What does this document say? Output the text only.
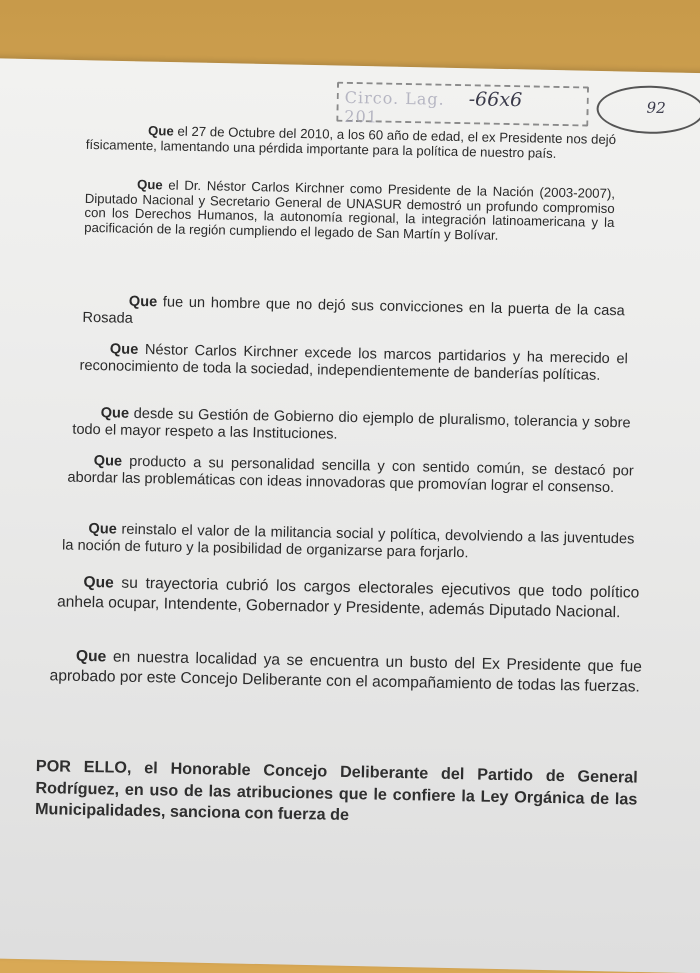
Circo. Lag. 201
-66x6	92

Que el 27 de Octubre del 2010, a los 60 año de edad, el ex Presidente nos dejó físicamente, lamentando una pérdida importante para la política de nuestro país.

Que el Dr. Néstor Carlos Kirchner como Presidente de la Nación (2003-2007), Diputado Nacional y Secretario General de UNASUR demostró un profundo compromiso con los Derechos Humanos, la autonomía regional, la integración latinoamericana y la pacificación de la región cumpliendo el legado de San Martín y Bolívar.

Que fue un hombre que no dejó sus convicciones en la puerta de la casa Rosada

Que Néstor Carlos Kirchner excede los marcos partidarios y ha merecido el reconocimiento de toda la sociedad, independientemente de banderías políticas.

Que desde su Gestión de Gobierno dio ejemplo de pluralismo, tolerancia y sobre todo el mayor respeto a las Instituciones.

Que producto a su personalidad sencilla y con sentido común, se destacó por abordar las problemáticas con ideas innovadoras que promovían lograr el consenso.

Que reinstalo el valor de la militancia social y política, devolviendo a las juventudes la noción de futuro y la posibilidad de organizarse para forjarlo.

Que su trayectoria cubrió los cargos electorales ejecutivos que todo político anhela ocupar, Intendente, Gobernador y Presidente, además Diputado Nacional.

Que en nuestra localidad ya se encuentra un busto del Ex Presidente que fue aprobado por este Concejo Deliberante con el acompañamiento de todas las fuerzas.

POR ELLO, el Honorable Concejo Deliberante del Partido de General Rodríguez, en uso de las atribuciones que le confiere la Ley Orgánica de las Municipalidades, sanciona con fuerza de
